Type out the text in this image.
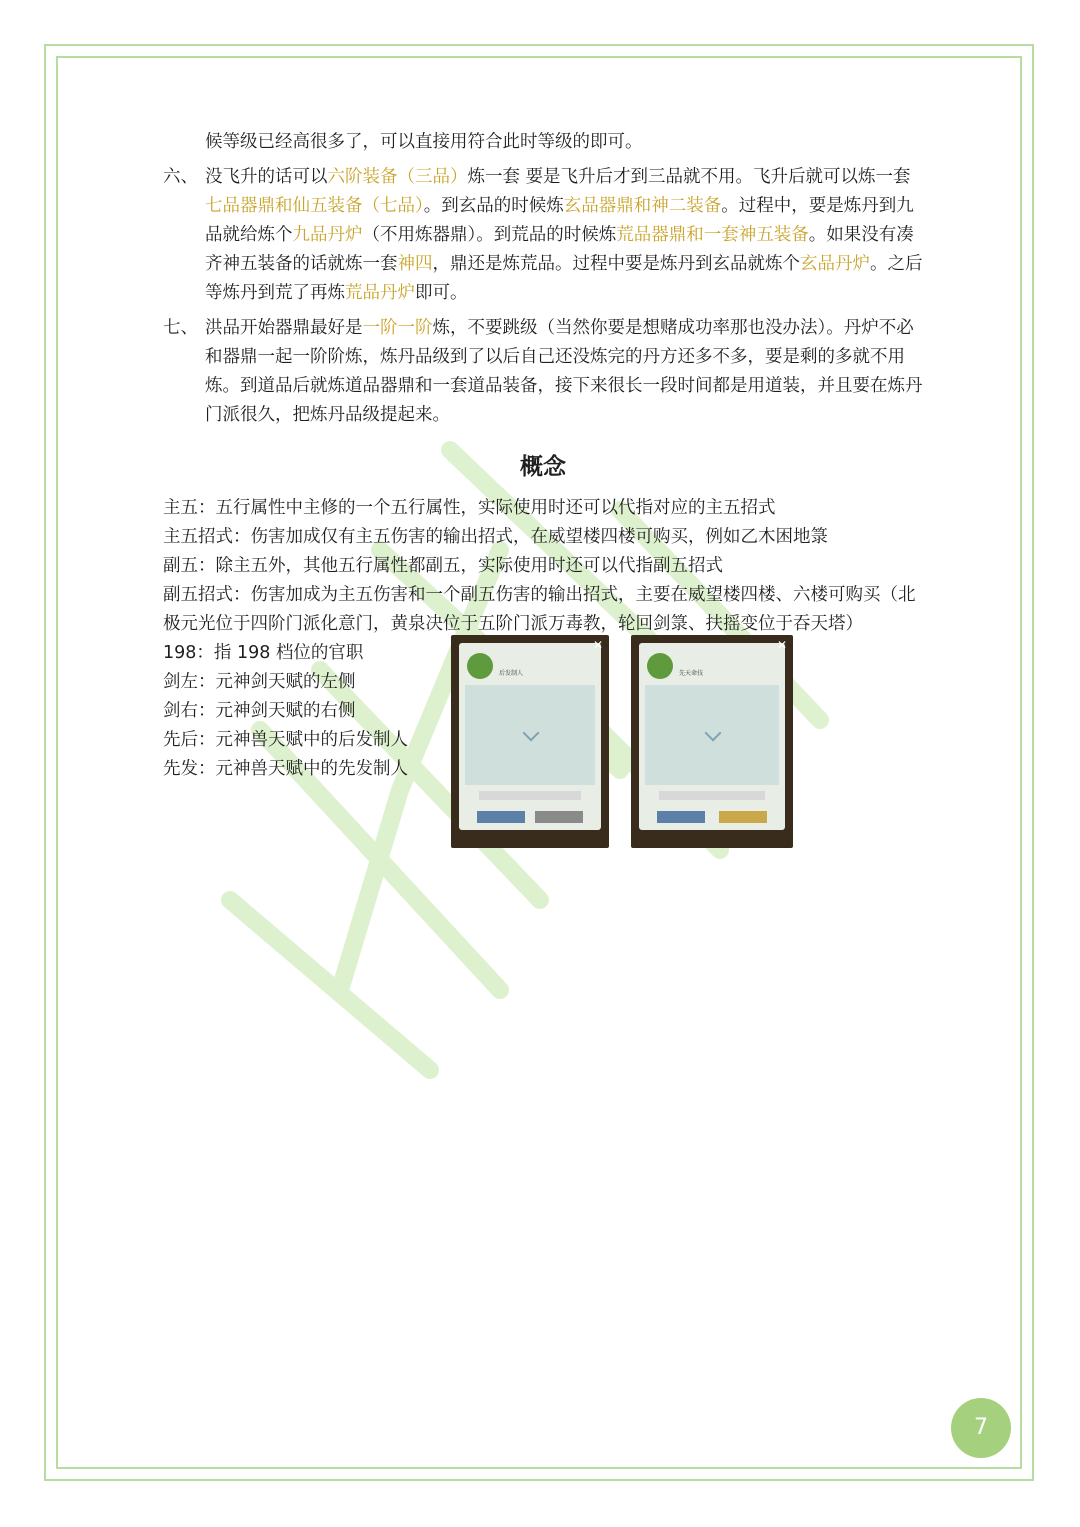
候等级已经高很多了，可以直接用符合此时等级的即可。

六、 没飞升的话可以六阶装备（三品）炼一套 要是飞升后才到三品就不用。飞升后就可以炼一套七品器鼎和仙五装备（七品）。到玄品的时候炼玄品器鼎和神二装备。过程中，要是炼丹到九品就给炼个九品丹炉（不用炼器鼎）。到荒品的时候炼荒品器鼎和一套神五装备。如果没有凑齐神五装备的话就炼一套神四，鼎还是炼荒品。过程中要是炼丹到玄品就炼个玄品丹炉。之后等炼丹到荒了再炼荒品丹炉即可。
七、 洪品开始器鼎最好是一阶一阶炼，不要跳级（当然你要是想赌成功率那也没办法）。丹炉不必和器鼎一起一阶阶炼，炼丹品级到了以后自己还没炼完的丹方还多不多，要是剩的多就不用炼。到道品后就炼道品器鼎和一套道品装备，接下来很长一段时间都是用道装，并且要在炼丹门派很久，把炼丹品级提起来。
概念

主五：五行属性中主修的一个五行属性，实际使用时还可以代指对应的主五招式

主五招式：伤害加成仅有主五伤害的输出招式，在威望楼四楼可购买，例如乙木困地箓

副五：除主五外，其他五行属性都副五，实际使用时还可以代指副五招式

副五招式：伤害加成为主五伤害和一个副五伤害的输出招式，主要在威望楼四楼、六楼可购买（北极元光位于四阶门派化意门，黄泉决位于五阶门派万毒教，轮回剑箓、扶摇变位于吞天塔）

198：指 198 档位的官职

剑左：元神剑天赋的左侧

剑右：元神剑天赋的右侧

先后：元神兽天赋中的后发制人

先发：元神兽天赋中的先发制人

后发制人
✕
先天命技
✕
7
